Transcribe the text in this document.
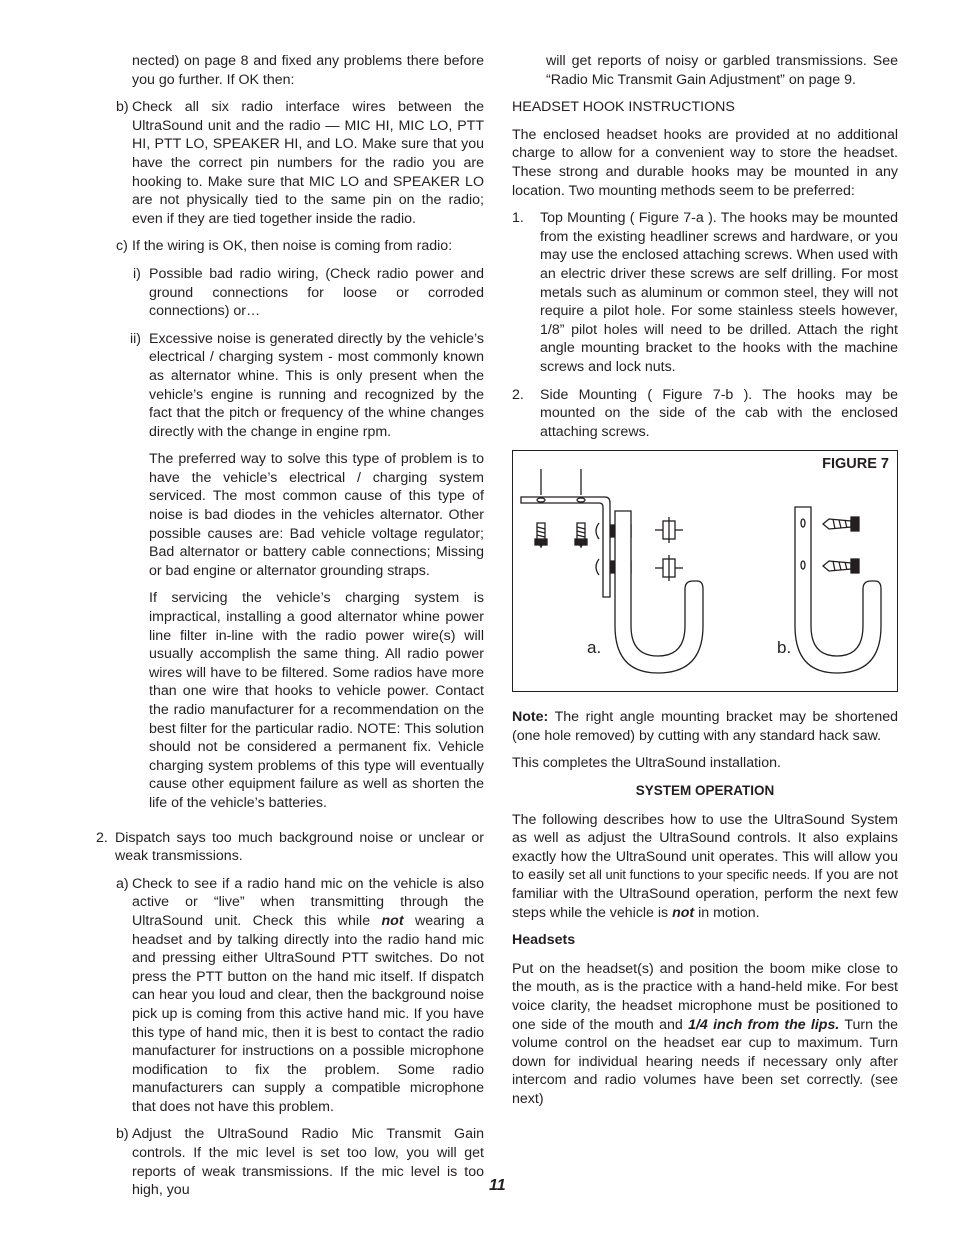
nected) on page 8 and fixed any problems there before you go further. If OK then:

b) Check all six radio interface wires between the UltraSound unit and the radio — MIC HI, MIC LO, PTT HI, PTT LO, SPEAKER HI, and LO. Make sure that you have the correct pin numbers for the radio you are hooking to. Make sure that MIC LO and SPEAKER LO are not physically tied to the same pin on the radio; even if they are tied together inside the radio.
c) If the wiring is OK, then noise is coming from radio:
i) Possible bad radio wiring, (Check radio power and ground connections for loose or corroded connections) or…
ii) Excessive noise is generated directly by the vehicle’s electrical / charging system - most commonly known as alternator whine. This is only present when the vehicle’s engine is running and recognized by the fact that the pitch or frequency of the whine changes directly with the change in engine rpm.

The preferred way to solve this type of problem is to have the vehicle’s electrical / charging system serviced. The most common cause of this type of noise is bad diodes in the vehicles alternator. Other possible causes are: Bad vehicle voltage regulator; Bad alternator or battery cable connections; Missing or bad engine or alternator grounding straps.

If servicing the vehicle’s charging system is impractical, installing a good alternator whine power line filter in-line with the radio power wire(s) will usually accomplish the same thing. All radio power wires will have to be filtered. Some radios have more than one wire that hooks to vehicle power. Contact the radio manufacturer for a recommendation on the best filter for the particular radio. NOTE: This solution should not be considered a permanent fix. Vehicle charging system problems of this type will eventually cause other equipment failure as well as shorten the life of the vehicle’s batteries.

2. Dispatch says too much background noise or unclear or weak transmissions.
a) Check to see if a radio hand mic on the vehicle is also active or “live” when transmitting through the UltraSound unit. Check this while not wearing a headset and by talking directly into the radio hand mic and pressing either UltraSound PTT switches. Do not press the PTT button on the hand mic itself. If dispatch can hear you loud and clear, then the background noise pick up is coming from this active hand mic. If you have this type of hand mic, then it is best to contact the radio manufacturer for instructions on a possible microphone modification to fix the problem. Some radio manufacturers can supply a compatible microphone that does not have this problem.
b) Adjust the UltraSound Radio Mic Transmit Gain controls. If the mic level is set too low, you will get reports of weak transmissions. If the mic level is too high, you

will get reports of noisy or garbled transmissions. See “Radio Mic Transmit Gain Adjustment” on page 9.

HEADSET HOOK INSTRUCTIONS

The enclosed headset hooks are provided at no additional charge to allow for a convenient way to store the headset. These strong and durable hooks may be mounted in any location. Two mounting methods seem to be preferred:

1. Top Mounting ( Figure 7-a ). The hooks may be mounted from the existing headliner screws and hardware, or you may use the enclosed attaching screws. When used with an electric driver these screws are self drilling. For most metals such as aluminum or common steel, they will not require a pilot hole. For some stainless steels however, 1/8” pilot holes will need to be drilled. Attach the right angle mounting bracket to the hooks with the machine screws and lock nuts.
2. Side Mounting ( Figure 7-b ). The hooks may be mounted on the side of the cab with the enclosed attaching screws.
FIGURE 7
a.	b.

Note: The right angle mounting bracket may be shortened (one hole removed) by cutting with any standard hack saw.

This completes the UltraSound installation.

SYSTEM OPERATION

The following describes how to use the UltraSound System as well as adjust the UltraSound controls. It also explains exactly how the UltraSound unit operates. This will allow you to easily set all unit functions to your specific needs. If you are not familiar with the UltraSound operation, perform the next few steps while the vehicle is not in motion.

Headsets

Put on the headset(s) and position the boom mike close to the mouth, as is the practice with a hand-held mike. For best voice clarity, the headset microphone must be positioned to one side of the mouth and 1/4 inch from the lips. Turn the volume control on the headset ear cup to maximum. Turn down for individual hearing needs if necessary only after intercom and radio volumes have been set correctly. (see next)

11
